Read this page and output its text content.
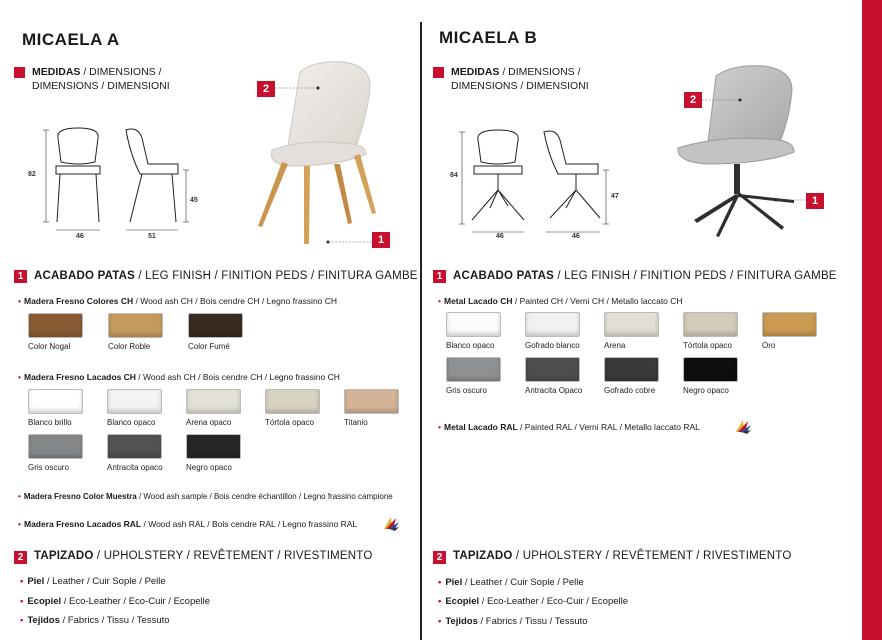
MICAELA A
MEDIDAS / DIMENSIONS /
DIMENSIONS / DIMENSIONI
82
46
45
51
2
1
1 ACABADO PATAS / LEG FINISH / FINITION PEDS / FINITURA GAMBE
• Madera Fresno Colores CH / Wood ash CH / Bois cendre CH / Legno frassino CH
Color Nogal	Color Roble	Color Fumé
• Madera Fresno Lacados CH / Wood ash CH / Bois cendre CH / Legno frassino CH
Blanco brillo	Blanco opaco	Arena opaco	Tórtola opaco	Titanio
Gris oscuro	Antracita opaco	Negro opaco
• Madera Fresno Color Muestra / Wood ash sample / Bois cendre échantillon / Legno frassino campione
• Madera Fresno Lacados RAL / Wood ash RAL / Bois cendre RAL / Legno frassino RAL
2 TAPIZADO / UPHOLSTERY / REVÊTEMENT / RIVESTIMENTO
• Piel / Leather / Cuir Sople / Pelle
• Ecopiel / Eco-Leather / Eco-Cuir / Ecopelle
• Tejidos / Fabrics / Tissu / Tessuto
MICAELA B
MEDIDAS / DIMENSIONS /
DIMENSIONS / DIMENSIONI
84
46
47
46
2
1
1 ACABADO PATAS / LEG FINISH / FINITION PEDS / FINITURA GAMBE
• Metal Lacado CH / Painted CH / Verni CH / Metallo laccato CH
Blanco opaco	Gofrado blanco	Arena	Tórtola opaco	Oro
Gris oscuro	Antracita Opaco	Gofrado cobre	Negro opaco
• Metal Lacado RAL / Painted RAL / Verni RAL / Metallo laccato RAL
2 TAPIZADO / UPHOLSTERY / REVÊTEMENT / RIVESTIMENTO
• Piel / Leather / Cuir Sople / Pelle
• Ecopiel / Eco-Leather / Eco-Cuir / Ecopelle
• Tejidos / Fabrics / Tissu / Tessuto
